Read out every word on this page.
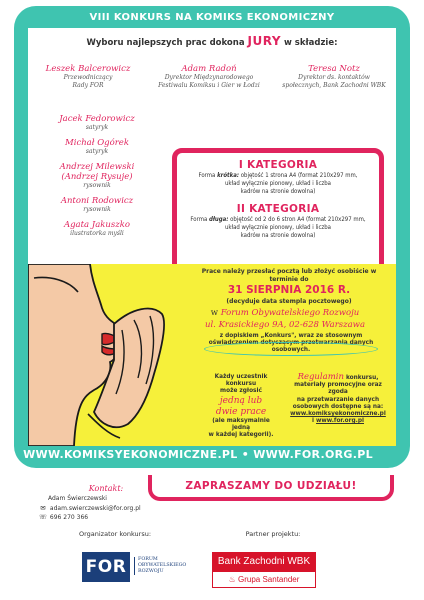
VIII KONKURS NA KOMIKS EKONOMICZNY
Wyboru najlepszych prac dokona JURY w składzie:
Leszek Balcerowicz
Przewodniczący
Rady FOR
Adam Radoń
Dyrektor Międzynarodowego
Festiwalu Komiksu i Gier w Łodzi
Teresa Notz
Dyrektor ds. kontaktów
społecznych, Bank Zachodni WBK
Jacek Fedorowicz
satyryk
Michał Ogórek
satyryk
Andrzej Milewski
(Andrzej Rysuje)
rysownik
Antoni Rodowicz
rysownik
Agata Jakuszko
ilustratorka myśli
I KATEGORIA
Forma krótka: objętość 1 strona A4 (format 210x297 mm,
układ wyłącznie pionowy, układ i liczba
kadrów na stronie dowolna)
II KATEGORIA
Forma długa: objętość od 2 do 6 stron A4 (format 210x297 mm,
układ wyłącznie pionowy, układ i liczba
kadrów na stronie dowolna)
Prace należy przesłać pocztą lub złożyć osobiście w terminie do
31 SIERPNIA 2016 R.
(decyduje data stempla pocztowego)
w Forum Obywatelskiego Rozwoju
ul. Krasickiego 9A, 02-628 Warszawa
z dopiskiem „Konkurs", wraz ze stosownym
oświadczeniem dotyczącym przetwarzania danych osobowych.
Każdy uczestnik konkursu
może zgłosić
jedną lub
dwie prace
(ale maksymalnie jedną
w każdej kategorii).
Regulamin konkursu,
materiały promocyjne oraz zgoda
na przetwarzanie danych
osobowych dostępne są na:
www.komiksyekonomiczne.pl
i www.for.org.pl
WWW.KOMIKSYEKONOMICZNE.PL • WWW.FOR.ORG.PL
ZAPRASZAMY DO UDZIAŁU!
Kontakt:
Adam Świerczewski
✉ adam.swierczewski@for.org.pl
☏ 696 270 366
Organizator konkursu:	Partner projektu:
FOR	FORUM
OBYWATELSKIEGO
ROZWOJU
Bank Zachodni WBK
♨ Grupa Santander
